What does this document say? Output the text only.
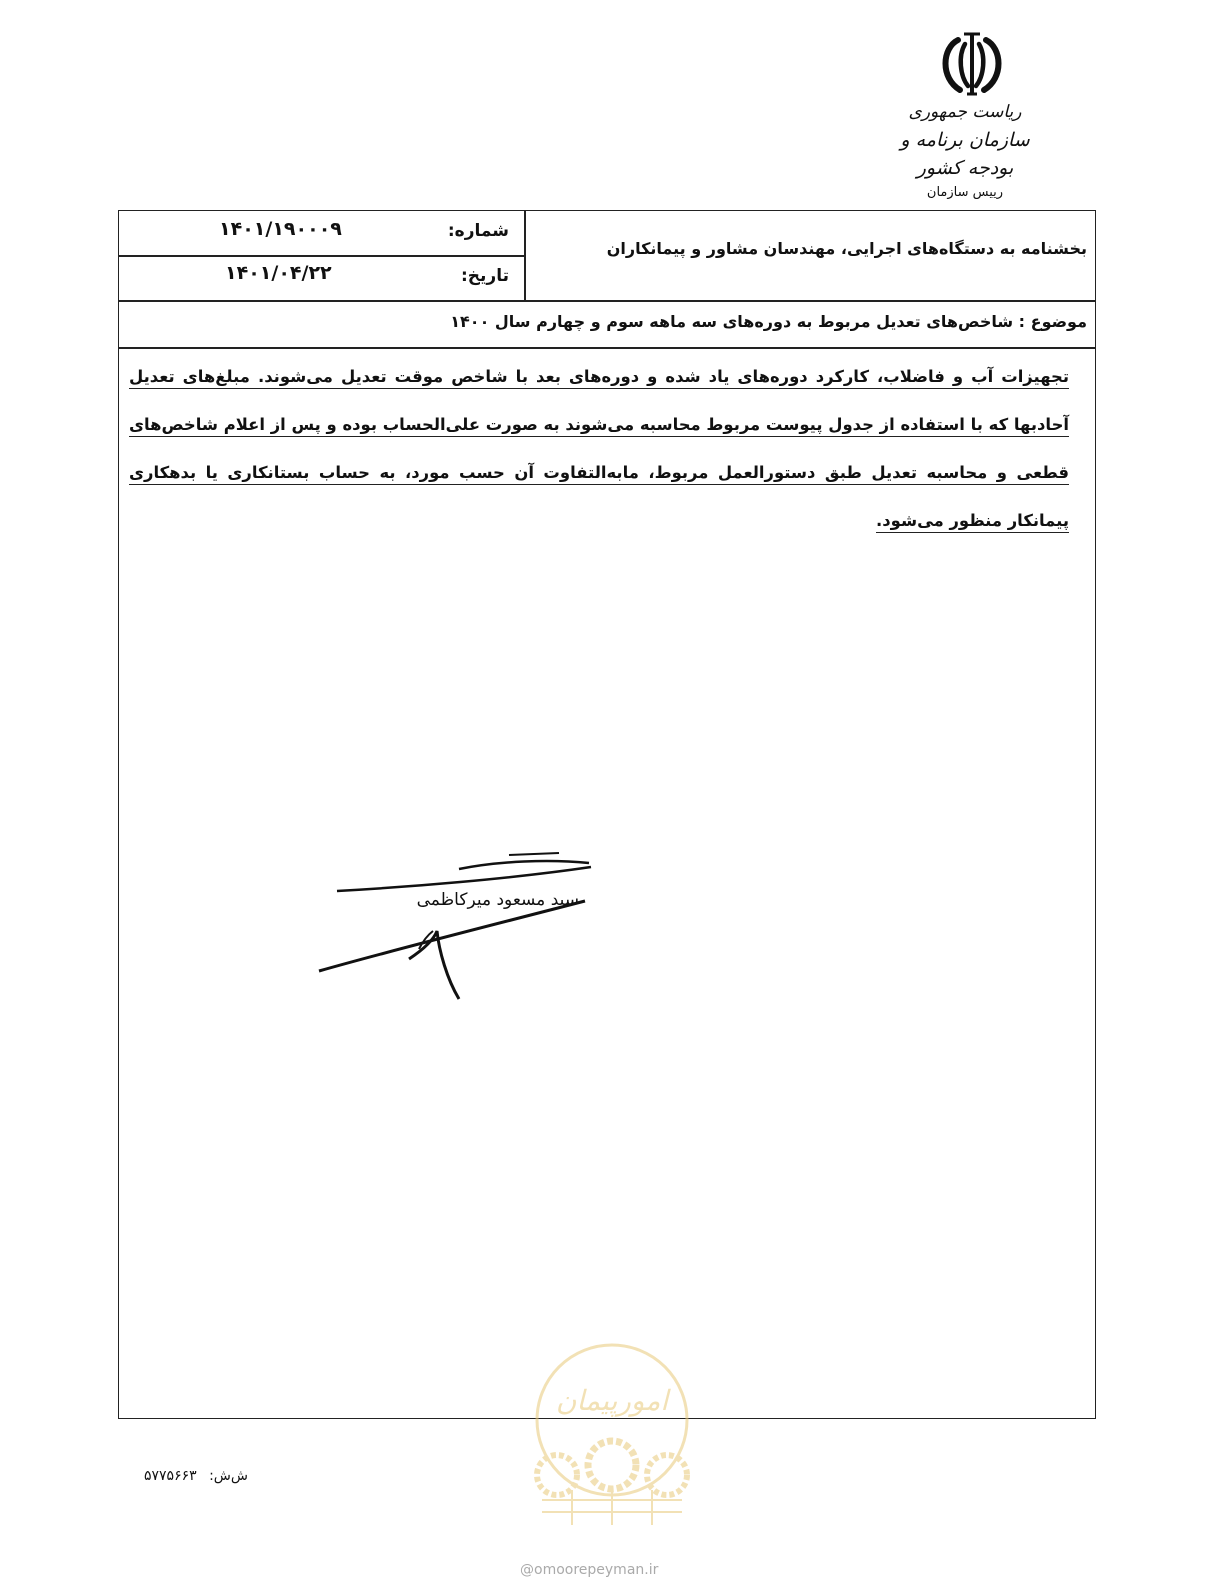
ریاست جمهوری
سازمان برنامه و بودجه کشور
رییس سازمان
بخشنامه به دستگاه‌های اجرایی، مهندسان مشاور و پیمانکاران
شماره:
۱۴۰۱/۱۹۰۰۰۹
تاریخ:
۱۴۰۱/۰۴/۲۲
موضوع : شاخص‌های تعدیل مربوط به دوره‌های سه ماهه سوم و چهارم سال ۱۴۰۰
تجهیزات آب و فاضلاب، کارکرد دوره‌های یاد شده و دوره‌های بعد با شاخص موقت تعدیل می‌شوند. مبلغ‌های تعدیل آحادبها که با استفاده از جدول پیوست مربوط محاسبه می‌شوند به صورت علی‌الحساب بوده و پس از اعلام شاخص‌های قطعی و محاسبه تعدیل طبق دستورالعمل مربوط، مابه‌التفاوت آن حسب مورد، به حساب بستانکاری یا بدهکاری پیمانکار منظور می‌شود.
سید مسعود میرکاظمی
ش‌ش: ۵۷۷۵۶۶۳
امورپیمان
@omoorepeyman.ir
